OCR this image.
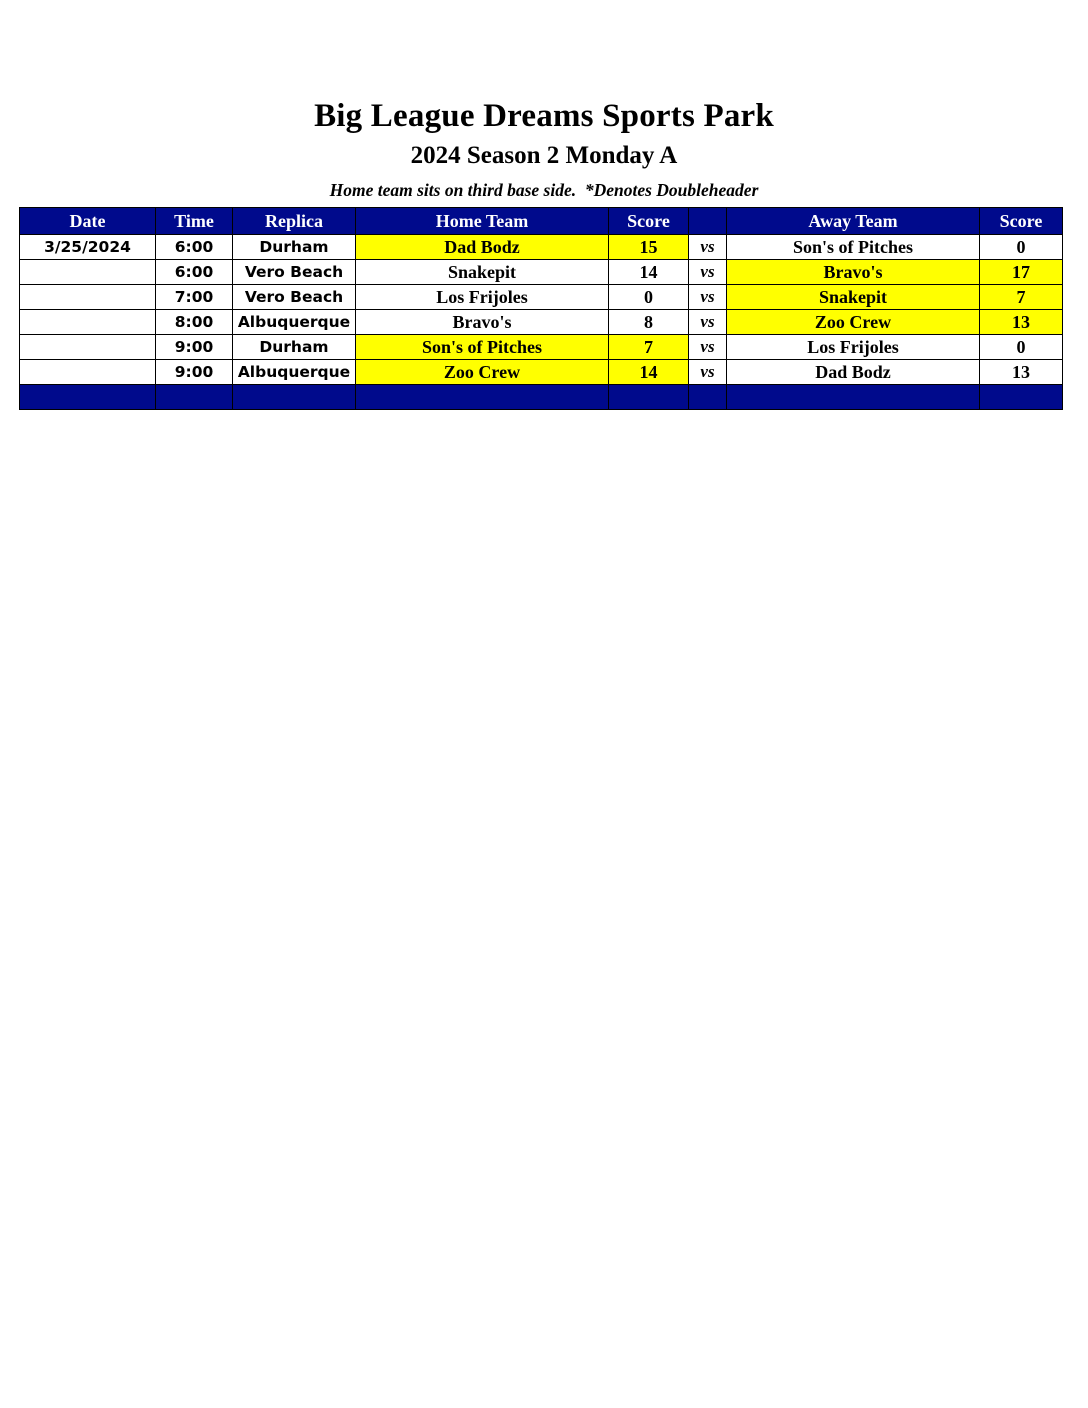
Big League Dreams Sports Park
2024 Season 2 Monday A
Home team sits on third base side.  *Denotes Doubleheader
Date	Time	Replica	Home Team	Score		Away Team	Score
3/25/2024	6:00	Durham	Dad Bodz	15	vs	Son's of Pitches	0
	6:00	Vero Beach	Snakepit	14	vs	Bravo's	17
	7:00	Vero Beach	Los Frijoles	0	vs	Snakepit	7
	8:00	Albuquerque	Bravo's	8	vs	Zoo Crew	13
	9:00	Durham	Son's of Pitches	7	vs	Los Frijoles	0
	9:00	Albuquerque	Zoo Crew	14	vs	Dad Bodz	13
